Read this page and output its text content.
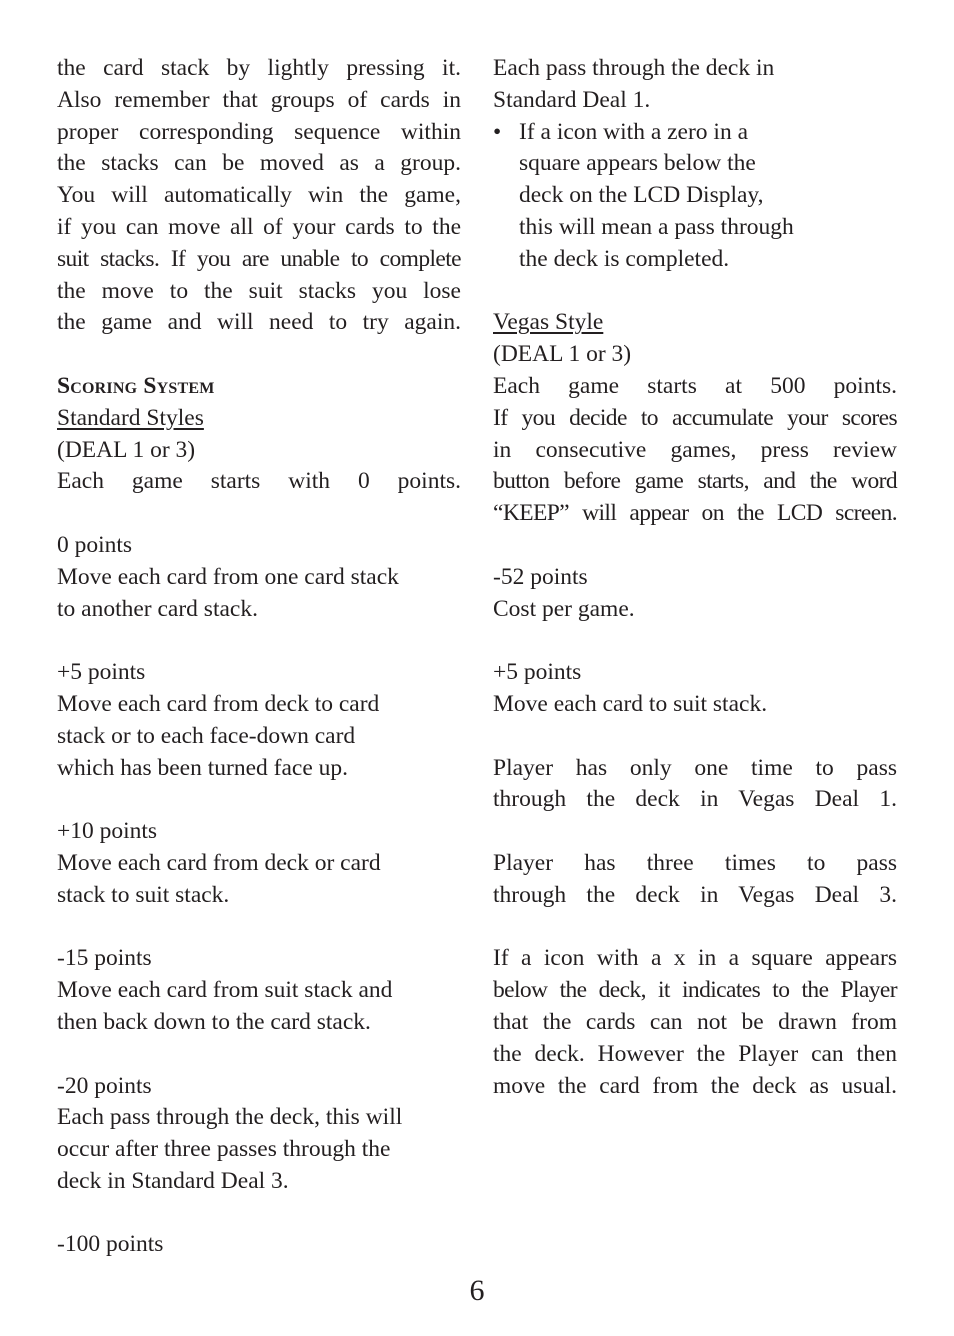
the card stack by lightly pressing it.
Also remember that groups of cards in
proper corresponding sequence within
the stacks can be moved as a group.
You will automatically win the game,
if you can move all of your cards to the
suit stacks. If you are unable to complete
the move to the suit stacks you lose
the game and will need to try again.
Scoring System
Standard Styles
(DEAL 1 or 3)
Each game starts with 0 points.
0 points
Move each card from one card stack
to another card stack.
+5 points
Move each card from deck to card
stack or to each face-down card
which has been turned face up.
+10 points
Move each card from deck or card
stack to suit stack.
-15 points
Move each card from suit stack and
then back down to the card stack.
-20 points
Each pass through the deck, this will
occur after three passes through the
deck in Standard Deal 3.
-100 points
Each pass through the deck in
Standard Deal 1.
• If a icon with a zero in a
square appears below the
deck on the LCD Display,
this will mean a pass through
the deck is completed.
Vegas Style
(DEAL 1 or 3)
Each game starts at 500 points.
If you decide to accumulate your scores
in consecutive games, press review
button before game starts, and the word
“KEEP” will appear on the LCD screen.
-52 points
Cost per game.
+5 points
Move each card to suit stack.
Player has only one time to pass
through the deck in Vegas Deal 1.
Player has three times to pass
through the deck in Vegas Deal 3.
If a icon with a x in a square appears
below the deck, it indicates to the Player
that the cards can not be drawn from
the deck. However the Player can then
move the card from the deck as usual.
6
